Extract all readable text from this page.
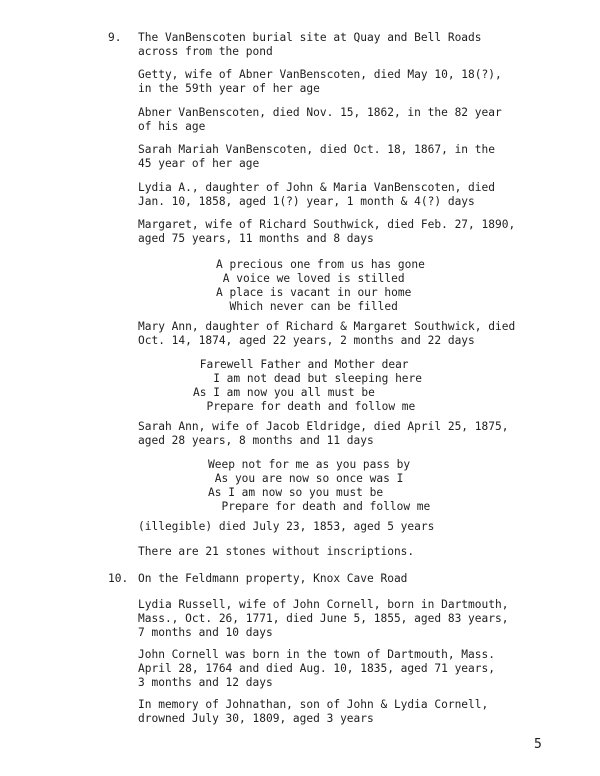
9. The VanBenscoten burial site at Quay and Bell Roads
across from the pond
Getty, wife of Abner VanBenscoten, died May 10, 18(?),
in the 59th year of her age
Abner VanBenscoten, died Nov. 15, 1862, in the 82 year
of his age
Sarah Mariah VanBenscoten, died Oct. 18, 1867, in the
45 year of her age
Lydia A., daughter of John & Maria VanBenscoten, died
Jan. 10, 1858, aged 1(?) year, 1 month & 4(?) days
Margaret, wife of Richard Southwick, died Feb. 27, 1890,
aged 75 years, 11 months and 8 days
A precious one from us has gone
A voice we loved is stilled
A place is vacant in our home
Which never can be filled
Mary Ann, daughter of Richard & Margaret Southwick, died
Oct. 14, 1874, aged 22 years, 2 months and 22 days
Farewell Father and Mother dear
I am not dead but sleeping here
As I am now you all must be
Prepare for death and follow me
Sarah Ann, wife of Jacob Eldridge, died April 25, 1875,
aged 28 years, 8 months and 11 days
Weep not for me as you pass by
As you are now so once was I
As I am now so you must be
Prepare for death and follow me
(illegible) died July 23, 1853, aged 5 years
There are 21 stones without inscriptions.
10. On the Feldmann property, Knox Cave Road
Lydia Russell, wife of John Cornell, born in Dartmouth,
Mass., Oct. 26, 1771, died June 5, 1855, aged 83 years,
7 months and 10 days
John Cornell was born in the town of Dartmouth, Mass.
April 28, 1764 and died Aug. 10, 1835, aged 71 years,
3 months and 12 days
In memory of Johnathan, son of John & Lydia Cornell,
drowned July 30, 1809, aged 3 years
5
